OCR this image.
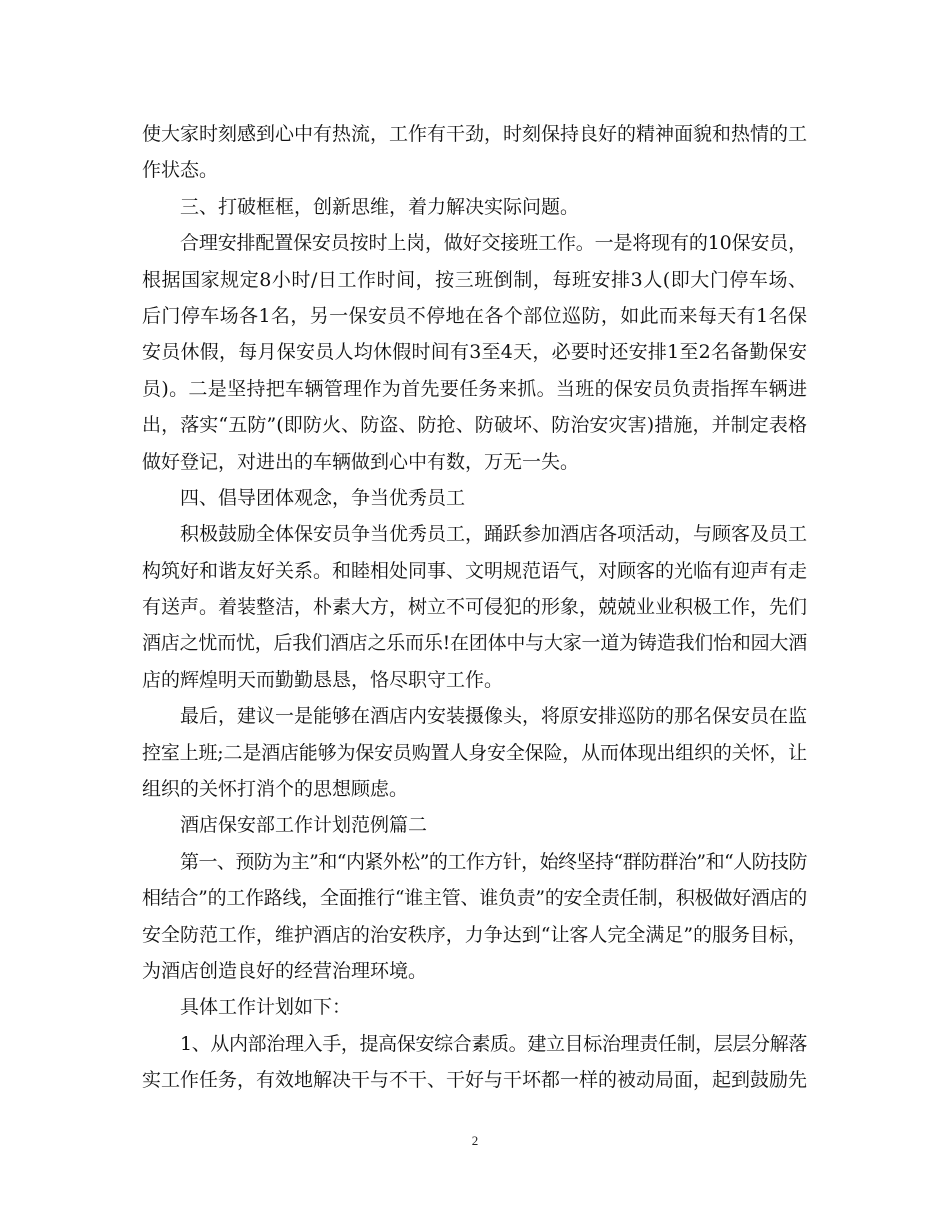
使大家时刻感到心中有热流，工作有干劲，时刻保持良好的精神面貌和热情的工
作状态。
三、打破框框，创新思维，着力解决实际问题。
合理安排配置保安员按时上岗，做好交接班工作。一是将现有的10保安员，
根据国家规定8小时/日工作时间，按三班倒制，每班安排3人(即大门停车场、
后门停车场各1名，另一保安员不停地在各个部位巡防，如此而来每天有1名保
安员休假，每月保安员人均休假时间有3至4天，必要时还安排1至2名备勤保安
员)。二是坚持把车辆管理作为首先要任务来抓。当班的保安员负责指挥车辆进
出，落实“五防”(即防火、防盗、防抢、防破坏、防治安灾害)措施，并制定表格
做好登记，对进出的车辆做到心中有数，万无一失。
四、倡导团体观念，争当优秀员工
积极鼓励全体保安员争当优秀员工，踊跃参加酒店各项活动，与顾客及员工
构筑好和谐友好关系。和睦相处同事、文明规范语气，对顾客的光临有迎声有走
有送声。着装整洁，朴素大方，树立不可侵犯的形象，兢兢业业积极工作，先们
酒店之忧而忧，后我们酒店之乐而乐!在团体中与大家一道为铸造我们怡和园大酒
店的辉煌明天而勤勤恳恳，恪尽职守工作。
最后，建议一是能够在酒店内安装摄像头，将原安排巡防的那名保安员在监
控室上班;二是酒店能够为保安员购置人身安全保险，从而体现出组织的关怀，让
组织的关怀打消个的思想顾虑。
酒店保安部工作计划范例篇二
第一、预防为主”和“内紧外松”的工作方针，始终坚持“群防群治”和“人防技防
相结合”的工作路线，全面推行“谁主管、谁负责”的安全责任制，积极做好酒店的
安全防范工作，维护酒店的治安秩序，力争达到“让客人完全满足”的服务目标，
为酒店创造良好的经营治理环境。
具体工作计划如下：
1、从内部治理入手，提高保安综合素质。建立目标治理责任制，层层分解落
实工作任务，有效地解决干与不干、干好与干坏都一样的被动局面，起到鼓励先
2
